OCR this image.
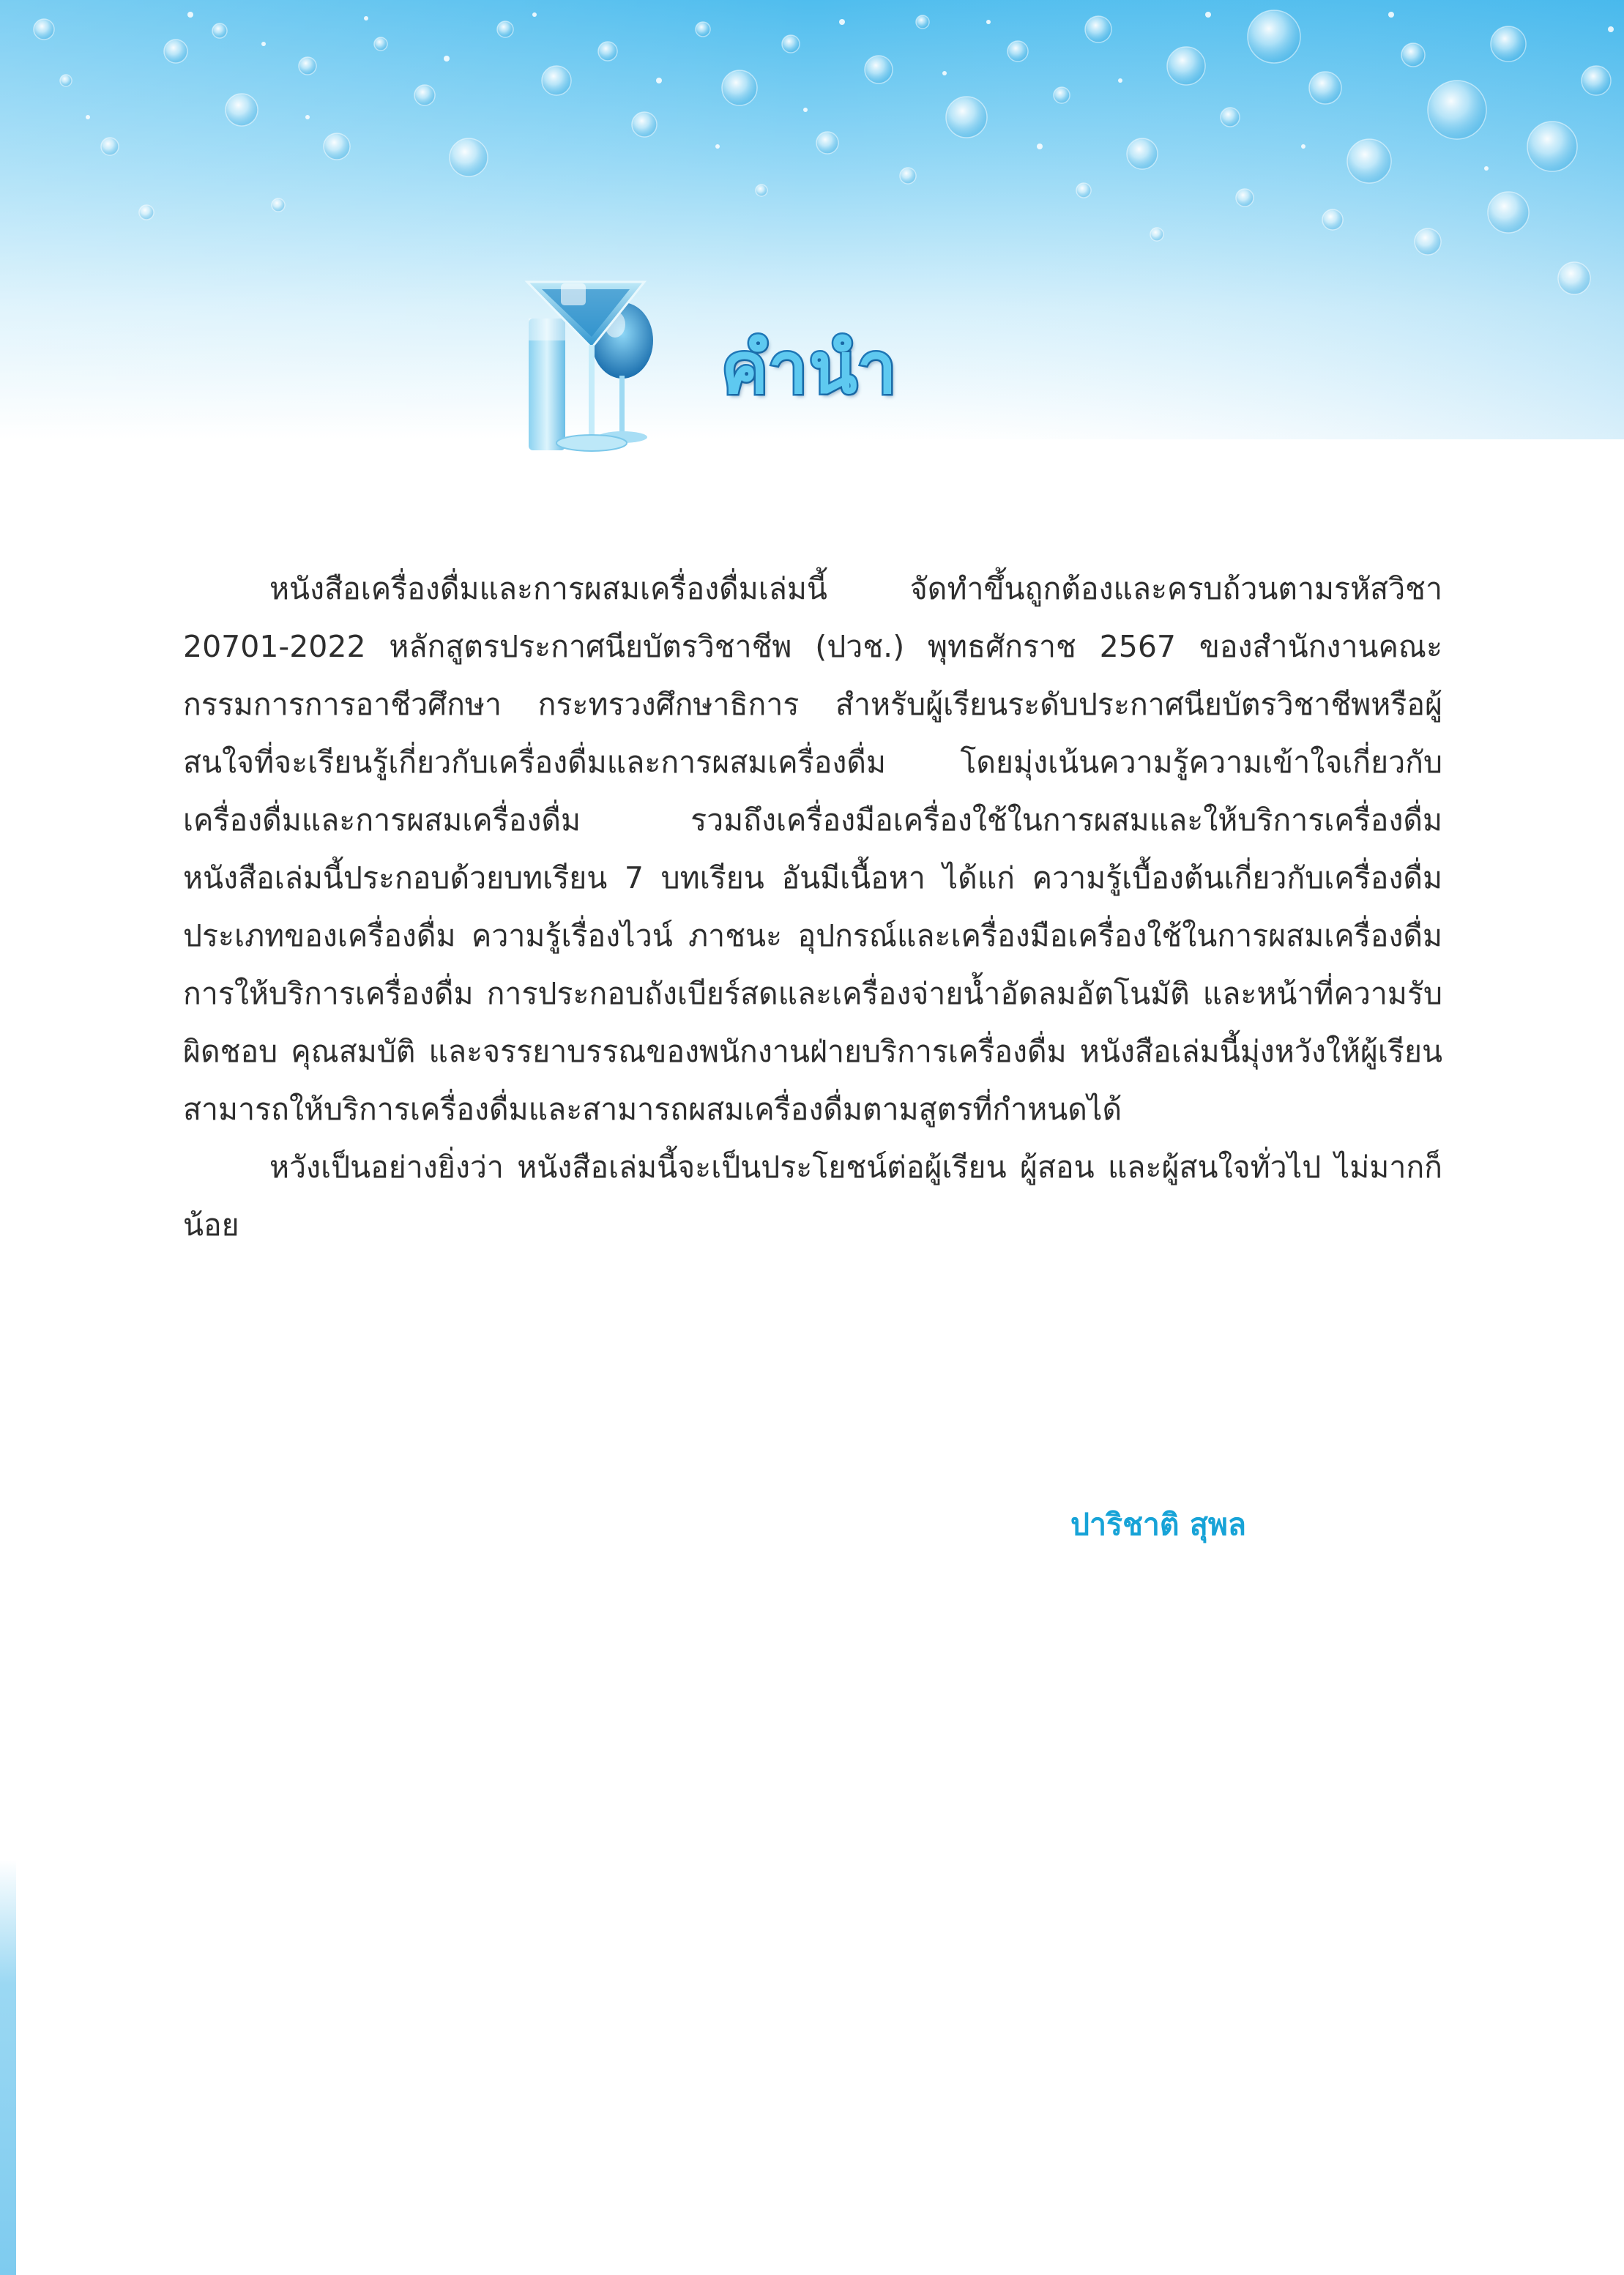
คำนำ

หนังสือเครื่องดื่มและการผสมเครื่องดื่มเล่มนี้ จัดทำขึ้นถูกต้องและครบถ้วนตามรหัสวิชา 20701-2022 หลักสูตรประกาศนียบัตรวิชาชีพ (ปวช.) พุทธศักราช 2567 ของสำนักงานคณะกรรมการการอาชีวศึกษา กระทรวงศึกษาธิการ สำหรับผู้เรียนระดับประกาศนียบัตรวิชาชีพหรือผู้สนใจที่จะเรียนรู้เกี่ยวกับเครื่องดื่มและการผสมเครื่องดื่ม โดยมุ่งเน้นความรู้ความเข้าใจเกี่ยวกับเครื่องดื่มและการผสมเครื่องดื่ม รวมถึงเครื่องมือเครื่องใช้ในการผสมและให้บริการเครื่องดื่ม หนังสือเล่มนี้ประกอบด้วยบทเรียน 7 บทเรียน อันมีเนื้อหา ได้แก่ ความรู้เบื้องต้นเกี่ยวกับเครื่องดื่ม ประเภทของเครื่องดื่ม ความรู้เรื่องไวน์ ภาชนะ อุปกรณ์และเครื่องมือเครื่องใช้ในการผสมเครื่องดื่ม การให้บริการเครื่องดื่ม การประกอบถังเบียร์สดและเครื่องจ่ายน้ำอัดลมอัตโนมัติ และหน้าที่ความรับผิดชอบ คุณสมบัติ และจรรยาบรรณของพนักงานฝ่ายบริการเครื่องดื่ม หนังสือเล่มนี้มุ่งหวังให้ผู้เรียนสามารถให้บริการเครื่องดื่มและสามารถผสมเครื่องดื่มตามสูตรที่กำหนดได้

หวังเป็นอย่างยิ่งว่า หนังสือเล่มนี้จะเป็นประโยชน์ต่อผู้เรียน ผู้สอน และผู้สนใจทั่วไป ไม่มากก็น้อย

ปาริชาติ สุพล
